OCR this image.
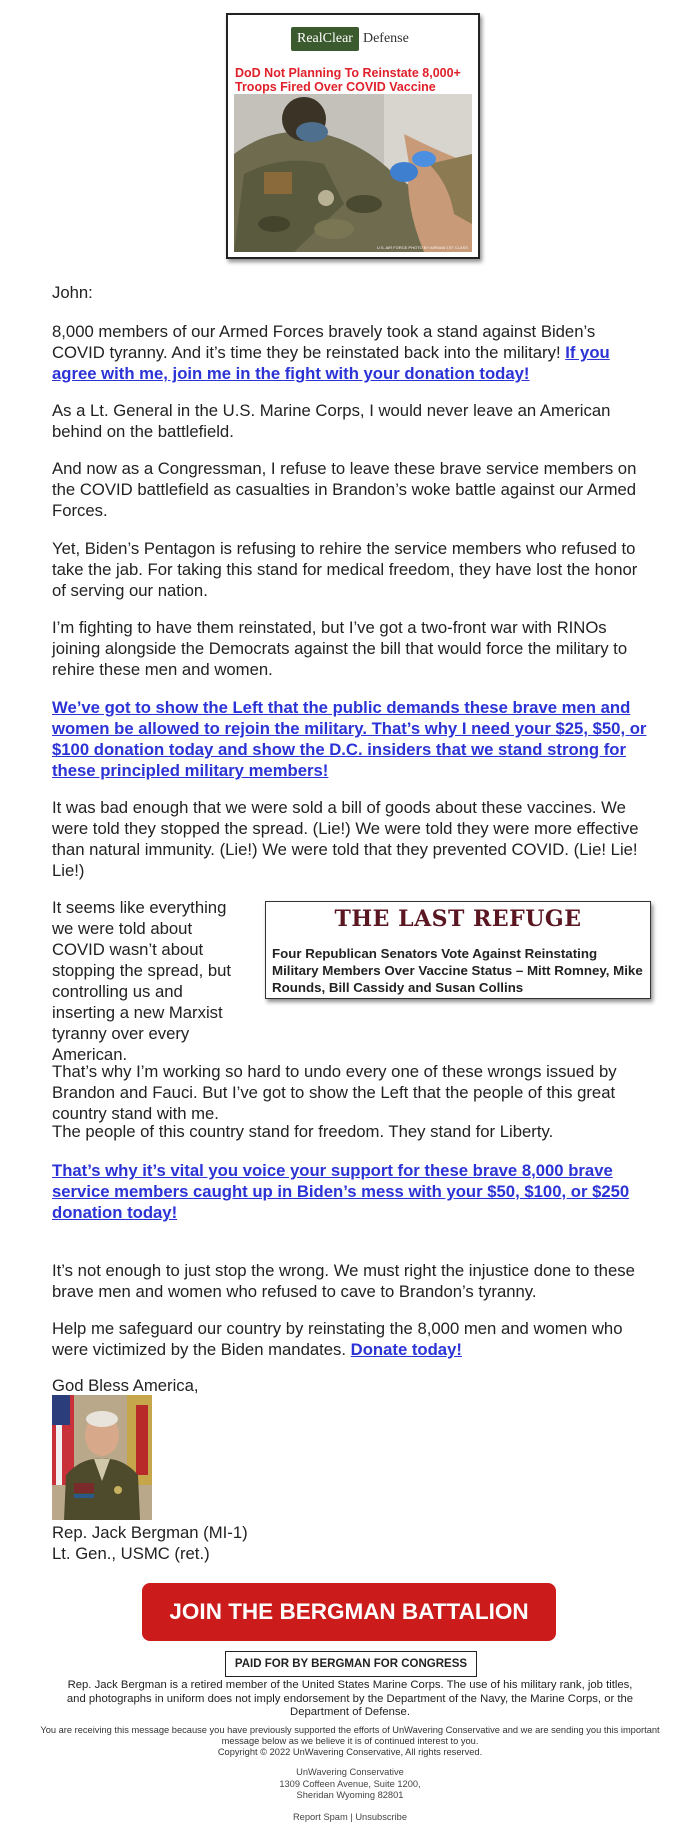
RealClear Defense
DoD Not Planning To Reinstate 8,000+ Troops Fired Over COVID Vaccine
U.S. AIR FORCE PHOTO BY AIRMAN 1ST CLASS

John:

8,000 members of our Armed Forces bravely took a stand against Biden’s COVID tyranny. And it’s time they be reinstated back into the military! If you agree with me, join me in the fight with your donation today!

As a Lt. General in the U.S. Marine Corps, I would never leave an American behind on the battlefield.

And now as a Congressman, I refuse to leave these brave service members on the COVID battlefield as casualties in Brandon’s woke battle against our Armed Forces.

Yet, Biden’s Pentagon is refusing to rehire the service members who refused to take the jab. For taking this stand for medical freedom, they have lost the honor of serving our nation.

I’m fighting to have them reinstated, but I’ve got a two-front war with RINOs joining alongside the Democrats against the bill that would force the military to rehire these men and women.

We’ve got to show the Left that the public demands these brave men and women be allowed to rejoin the military. That’s why I need your $25, $50, or $100 donation today and show the D.C. insiders that we stand strong for these principled military members!

It was bad enough that we were sold a bill of goods about these vaccines. We were told they stopped the spread. (Lie!) We were told they were more effective than natural immunity. (Lie!) We were told that they prevented COVID. (Lie! Lie! Lie!)

It seems like everything we were told about COVID wasn’t about stopping the spread, but controlling us and inserting a new Marxist tyranny over every American.

THE LAST REFUGE
Four Republican Senators Vote Against Reinstating Military Members Over Vaccine Status – Mitt Romney, Mike Rounds, Bill Cassidy and Susan Collins

That’s why I’m working so hard to undo every one of these wrongs issued by Brandon and Fauci. But I’ve got to show the Left that the people of this great country stand with me.

The people of this country stand for freedom. They stand for Liberty.

That’s why it’s vital you voice your support for these brave 8,000 brave service members caught up in Biden’s mess with your $50, $100, or $250 donation today!

It’s not enough to just stop the wrong. We must right the injustice done to these brave men and women who refused to cave to Brandon’s tyranny.

Help me safeguard our country by reinstating the 8,000 men and women who were victimized by the Biden mandates. Donate today!

God Bless America,

Rep. Jack Bergman (MI-1)

Lt. Gen., USMC (ret.)

JOIN THE BERGMAN BATTALION
PAID FOR BY BERGMAN FOR CONGRESS
Rep. Jack Bergman is a retired member of the United States Marine Corps. The use of his military rank, job titles, and photographs in uniform does not imply endorsement by the Department of the Navy, the Marine Corps, or the Department of Defense.
You are receiving this message because you have previously supported the efforts of UnWavering Conservative and we are sending you this important message below as we believe it is of continued interest to you.
Copyright © 2022 UnWavering Conservative, All rights reserved.
UnWavering Conservative
1309 Coffeen Avenue, Suite 1200,
Sheridan Wyoming 82801
Report Spam | Unsubscribe
